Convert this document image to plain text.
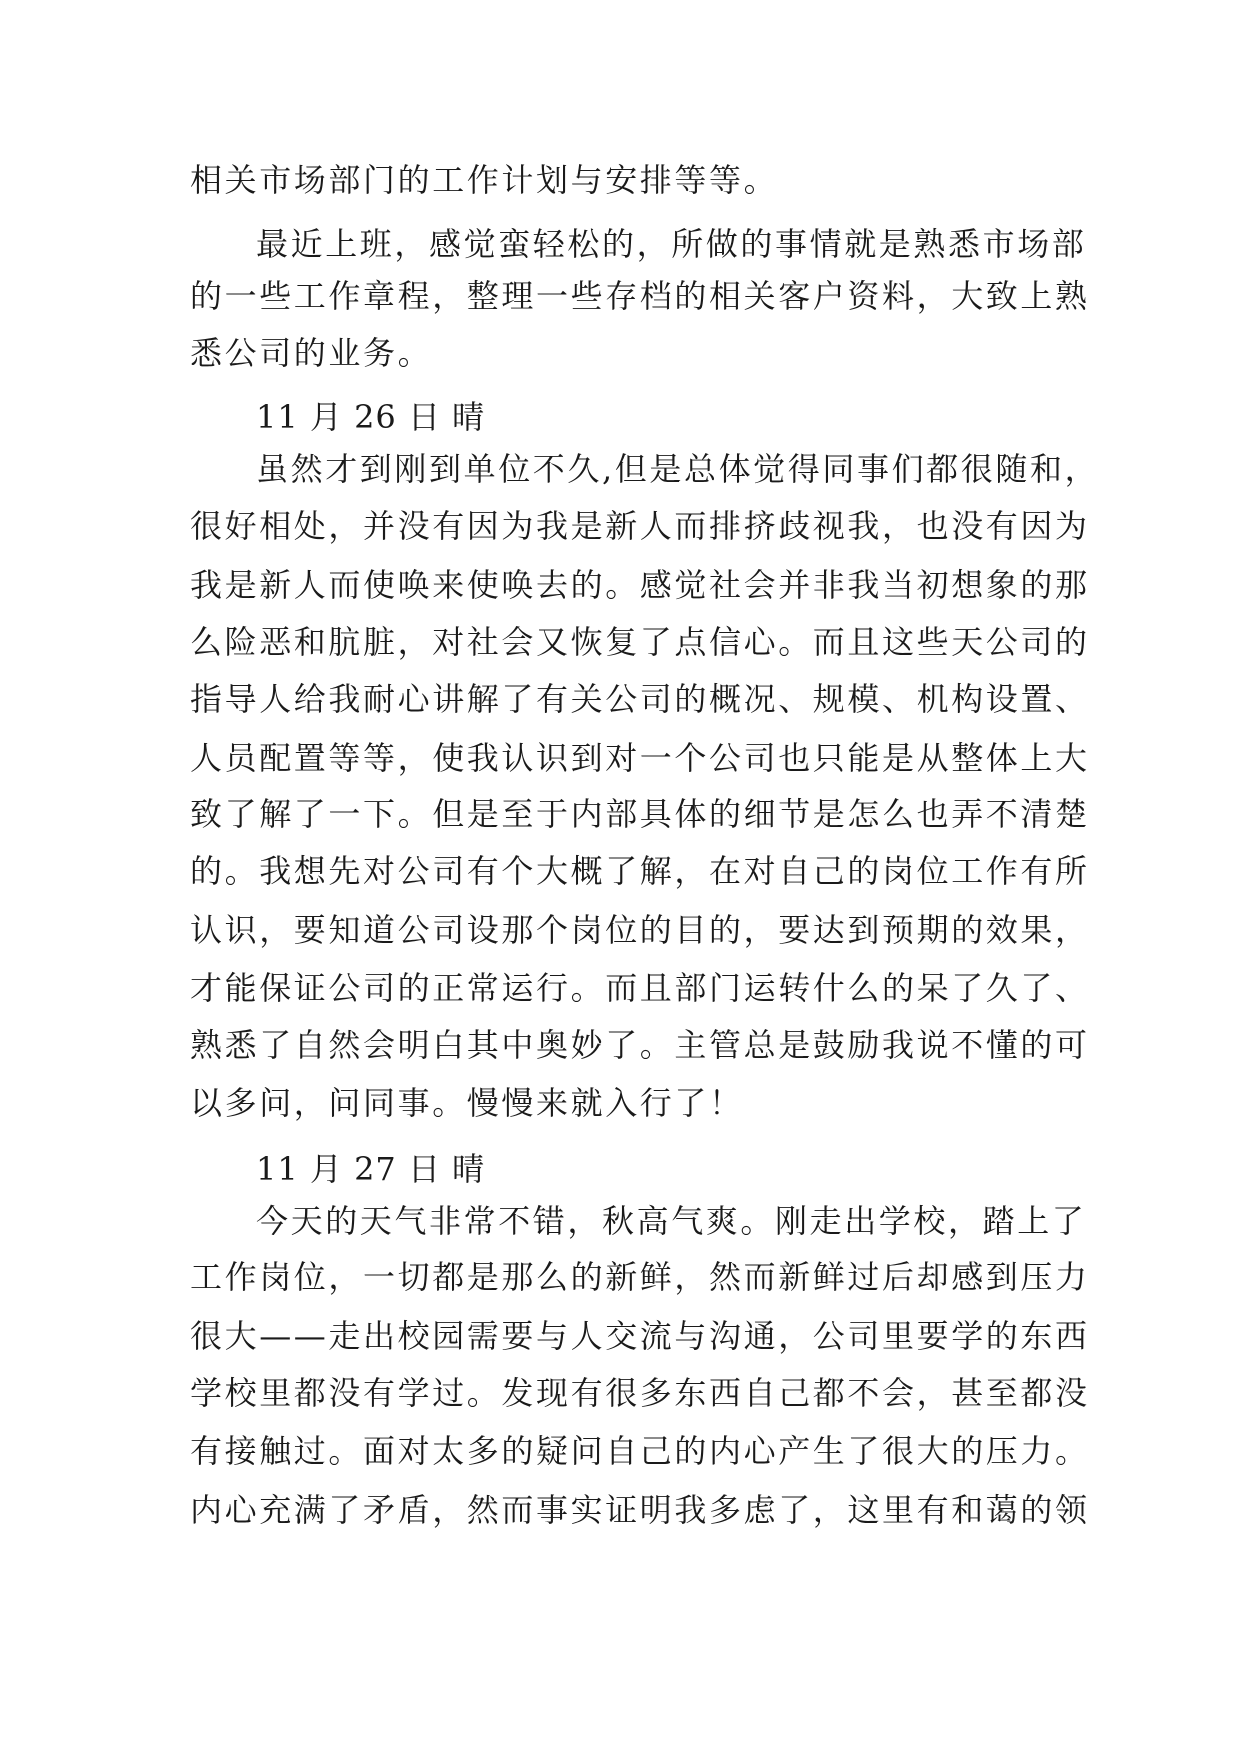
相关市场部门的工作计划与安排等等。
最近上班，感觉蛮轻松的，所做的事情就是熟悉市场部
的一些工作章程，整理一些存档的相关客户资料，大致上熟
悉公司的业务。
11 月 26 日 晴
虽然才到刚到单位不久,但是总体觉得同事们都很随和，
很好相处，并没有因为我是新人而排挤歧视我，也没有因为
我是新人而使唤来使唤去的。感觉社会并非我当初想象的那
么险恶和肮脏，对社会又恢复了点信心。而且这些天公司的
指导人给我耐心讲解了有关公司的概况、规模、机构设置、
人员配置等等，使我认识到对一个公司也只能是从整体上大
致了解了一下。但是至于内部具体的细节是怎么也弄不清楚
的。我想先对公司有个大概了解，在对自己的岗位工作有所
认识，要知道公司设那个岗位的目的，要达到预期的效果，
才能保证公司的正常运行。而且部门运转什么的呆了久了、
熟悉了自然会明白其中奥妙了。主管总是鼓励我说不懂的可
以多问，问同事。慢慢来就入行了！
11 月 27 日 晴
今天的天气非常不错，秋高气爽。刚走出学校，踏上了
工作岗位，一切都是那么的新鲜，然而新鲜过后却感到压力
很大——走出校园需要与人交流与沟通，公司里要学的东西
学校里都没有学过。发现有很多东西自己都不会，甚至都没
有接触过。面对太多的疑问自己的内心产生了很大的压力。
内心充满了矛盾，然而事实证明我多虑了，这里有和蔼的领
